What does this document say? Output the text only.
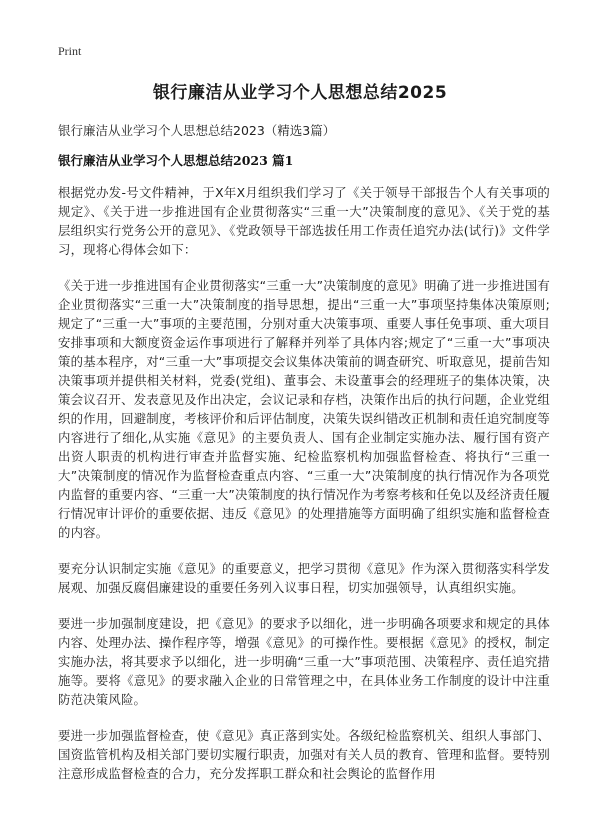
Print
银行廉洁从业学习个人思想总结2025
银行廉洁从业学习个人思想总结2023（精选3篇）
银行廉洁从业学习个人思想总结2023 篇1

根据党办发-号文件精神，于X年X月组织我们学习了《关于领导干部报告个人有关事项的规定》、《关于进一步推进国有企业贯彻落实“三重一大”决策制度的意见》、《关于党的基层组织实行党务公开的意见》、《党政领导干部选拔任用工作责任追究办法(试行)》文件学习，现将心得体会如下：

《关于进一步推进国有企业贯彻落实“三重一大”决策制度的意见》明确了进一步推进国有企业贯彻落实“三重一大”决策制度的指导思想，提出“三重一大”事项坚持集体决策原则;规定了“三重一大”事项的主要范围，分别对重大决策事项、重要人事任免事项、重大项目安排事项和大额度资金运作事项进行了解释并列举了具体内容;规定了“三重一大”事项决策的基本程序，对“三重一大”事项提交会议集体决策前的调查研究、听取意见，提前告知决策事项并提供相关材料，党委(党组)、董事会、未设董事会的经理班子的集体决策，决策会议召开、发表意见及作出决定，会议记录和存档，决策作出后的执行问题，企业党组织的作用，回避制度，考核评价和后评估制度，决策失误纠错改正机制和责任追究制度等内容进行了细化,从实施《意见》的主要负责人、国有企业制定实施办法、履行国有资产出资人职责的机构进行审查并监督实施、纪检监察机构加强监督检查、将执行“三重一大”决策制度的情况作为监督检查重点内容、“三重一大”决策制度的执行情况作为各项党内监督的重要内容、“三重一大”决策制度的执行情况作为考察考核和任免以及经济责任履行情况审计评价的重要依据、违反《意见》的处理措施等方面明确了组织实施和监督检查的内容。

要充分认识制定实施《意见》的重要意义，把学习贯彻《意见》作为深入贯彻落实科学发展观、加强反腐倡廉建设的重要任务列入议事日程，切实加强领导，认真组织实施。

要进一步加强制度建设，把《意见》的要求予以细化，进一步明确各项要求和规定的具体内容、处理办法、操作程序等，增强《意见》的可操作性。要根据《意见》的授权，制定实施办法，将其要求予以细化，进一步明确“三重一大”事项范围、决策程序、责任追究措施等。要将《意见》的要求融入企业的日常管理之中，在具体业务工作制度的设计中注重防范决策风险。

要进一步加强监督检查，使《意见》真正落到实处。各级纪检监察机关、组织人事部门、国资监管机构及相关部门要切实履行职责，加强对有关人员的教育、管理和监督。要特别注意形成监督检查的合力，充分发挥职工群众和社会舆论的监督作用
